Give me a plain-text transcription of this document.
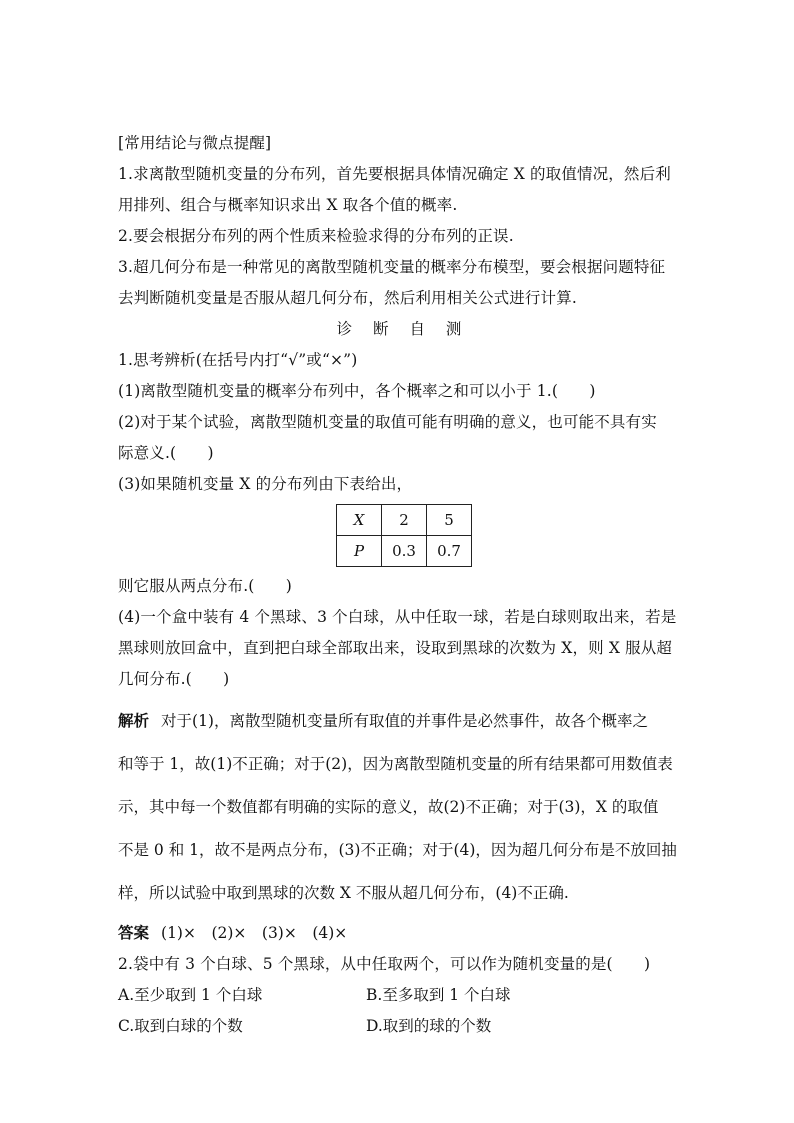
[常用结论与微点提醒]
1.求离散型随机变量的分布列，首先要根据具体情况确定 X 的取值情况，然后利
用排列、组合与概率知识求出 X 取各个值的概率.
2.要会根据分布列的两个性质来检验求得的分布列的正误.
3.超几何分布是一种常见的离散型随机变量的概率分布模型，要会根据问题特征
去判断随机变量是否服从超几何分布，然后利用相关公式进行计算.
诊 断 自 测
1.思考辨析(在括号内打“√”或“×”)
(1)离散型随机变量的概率分布列中，各个概率之和可以小于 1.(　　)
(2)对于某个试验，离散型随机变量的取值可能有明确的意义，也可能不具有实
际意义.(　　)
(3)如果随机变量 X 的分布列由下表给出，
X	2	5
P	0.3	0.7
则它服从两点分布.(　　)
(4)一个盒中装有 4 个黑球、3 个白球，从中任取一球，若是白球则取出来，若是
黑球则放回盒中，直到把白球全部取出来，设取到黑球的次数为 X，则 X 服从超
几何分布.(　　)
解析 对于(1)，离散型随机变量所有取值的并事件是必然事件，故各个概率之
和等于 1，故(1)不正确；对于(2)，因为离散型随机变量的所有结果都可用数值表
示，其中每一个数值都有明确的实际的意义，故(2)不正确；对于(3)，X 的取值
不是 0 和 1，故不是两点分布，(3)不正确；对于(4)，因为超几何分布是不放回抽
样，所以试验中取到黑球的次数 X 不服从超几何分布，(4)不正确.
答案 (1)×　(2)×　(3)×　(4)×
2.袋中有 3 个白球、5 个黑球，从中任取两个，可以作为随机变量的是(　　)
A.至少取到 1 个白球	B.至多取到 1 个白球
C.取到白球的个数	D.取到的球的个数
